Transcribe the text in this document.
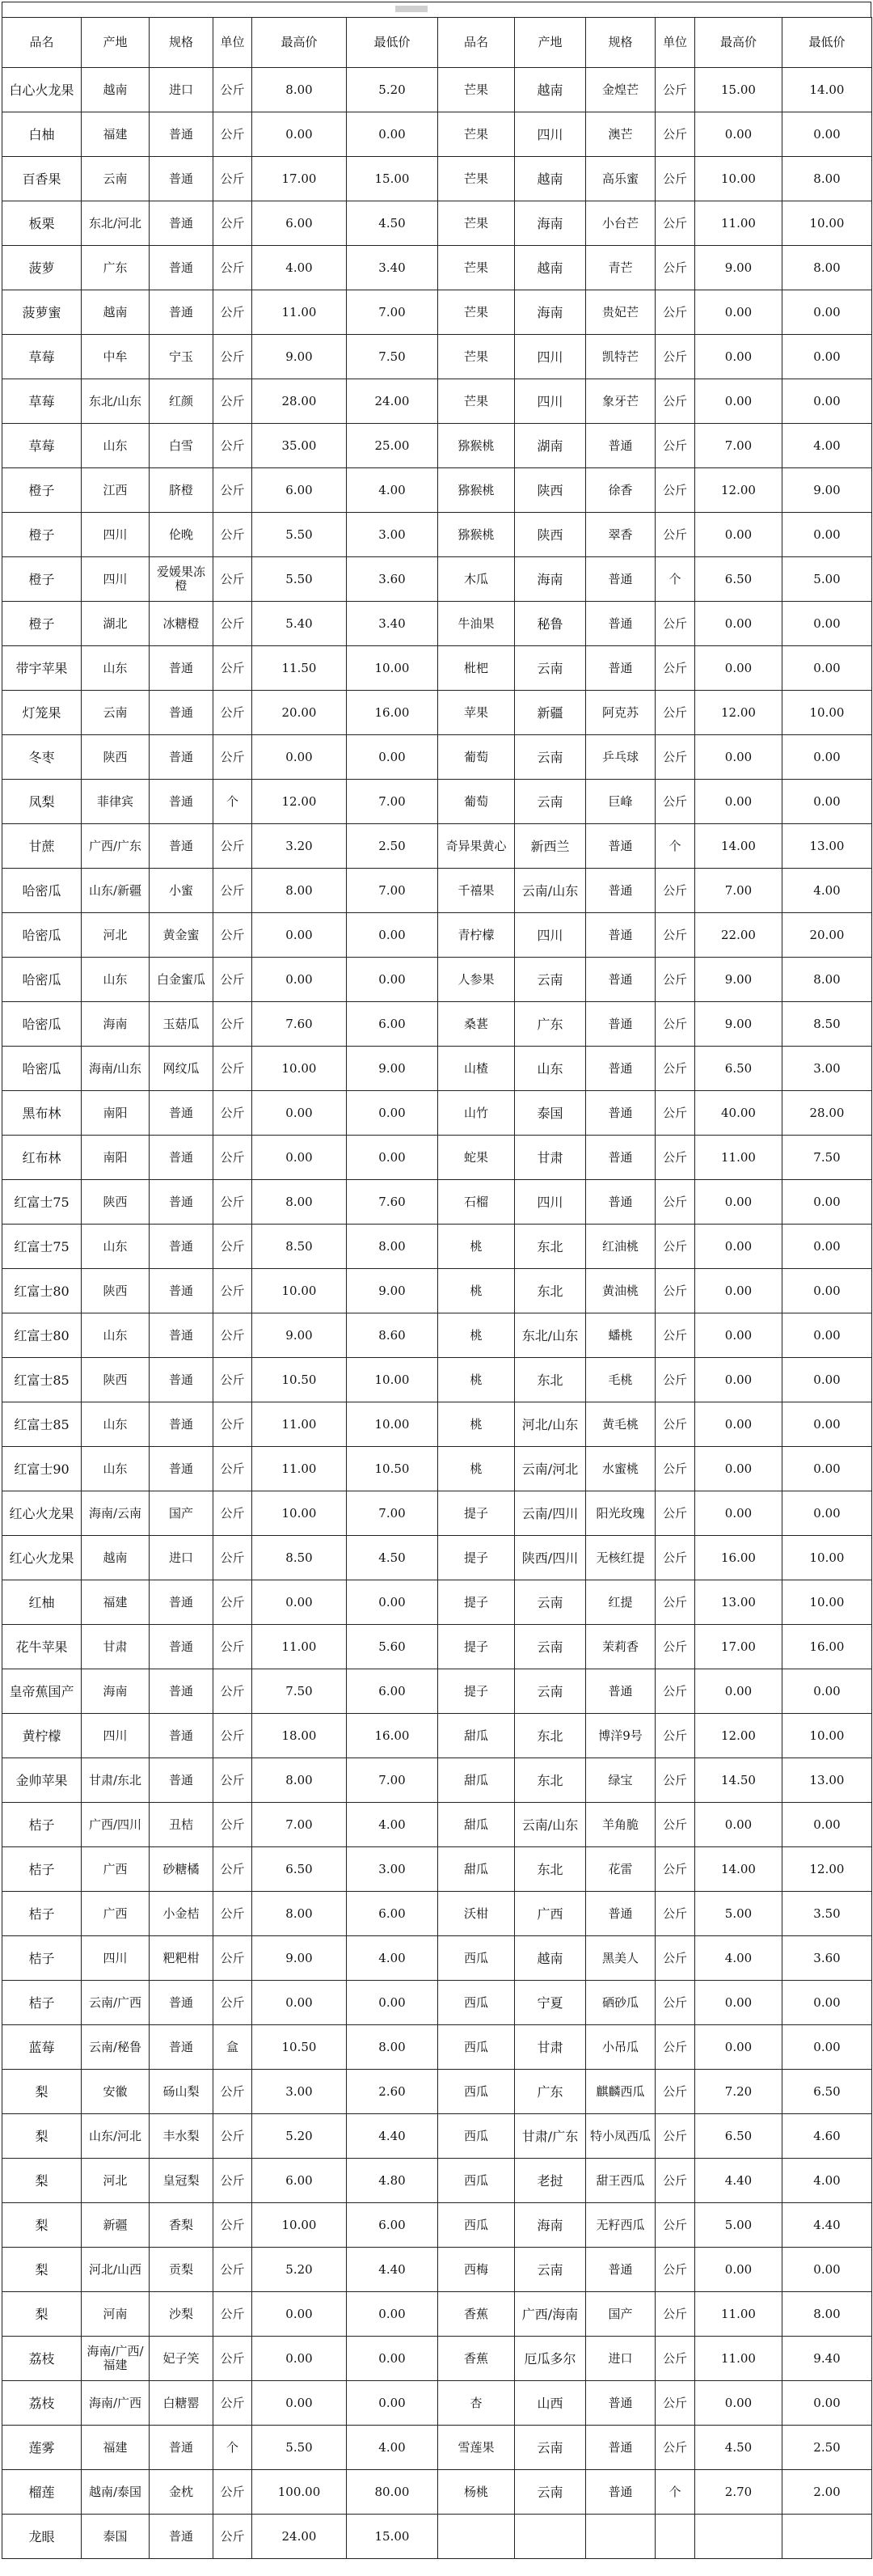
品名	产地	规格	单位	最高价	最低价	品名	产地	规格	单位	最高价	最低价
白心火龙果	越南	进口	公斤	8.00	5.20	芒果	越南	金煌芒	公斤	15.00	14.00
白柚	福建	普通	公斤	0.00	0.00	芒果	四川	澳芒	公斤	0.00	0.00
百香果	云南	普通	公斤	17.00	15.00	芒果	越南	高乐蜜	公斤	10.00	8.00
板栗	东北/河北	普通	公斤	6.00	4.50	芒果	海南	小台芒	公斤	11.00	10.00
菠萝	广东	普通	公斤	4.00	3.40	芒果	越南	青芒	公斤	9.00	8.00
菠萝蜜	越南	普通	公斤	11.00	7.00	芒果	海南	贵妃芒	公斤	0.00	0.00
草莓	中牟	宁玉	公斤	9.00	7.50	芒果	四川	凯特芒	公斤	0.00	0.00
草莓	东北/山东	红颜	公斤	28.00	24.00	芒果	四川	象牙芒	公斤	0.00	0.00
草莓	山东	白雪	公斤	35.00	25.00	猕猴桃	湖南	普通	公斤	7.00	4.00
橙子	江西	脐橙	公斤	6.00	4.00	猕猴桃	陕西	徐香	公斤	12.00	9.00
橙子	四川	伦晚	公斤	5.50	3.00	猕猴桃	陕西	翠香	公斤	0.00	0.00
橙子	四川	爱媛果冻橙	公斤	5.50	3.60	木瓜	海南	普通	个	6.50	5.00
橙子	湖北	冰糖橙	公斤	5.40	3.40	牛油果	秘鲁	普通	公斤	0.00	0.00
带宇苹果	山东	普通	公斤	11.50	10.00	枇杷	云南	普通	公斤	0.00	0.00
灯笼果	云南	普通	公斤	20.00	16.00	苹果	新疆	阿克苏	公斤	12.00	10.00
冬枣	陕西	普通	公斤	0.00	0.00	葡萄	云南	乒乓球	公斤	0.00	0.00
凤梨	菲律宾	普通	个	12.00	7.00	葡萄	云南	巨峰	公斤	0.00	0.00
甘蔗	广西/广东	普通	公斤	3.20	2.50	奇异果黄心	新西兰	普通	个	14.00	13.00
哈密瓜	山东/新疆	小蜜	公斤	8.00	7.00	千禧果	云南/山东	普通	公斤	7.00	4.00
哈密瓜	河北	黄金蜜	公斤	0.00	0.00	青柠檬	四川	普通	公斤	22.00	20.00
哈密瓜	山东	白金蜜瓜	公斤	0.00	0.00	人参果	云南	普通	公斤	9.00	8.00
哈密瓜	海南	玉菇瓜	公斤	7.60	6.00	桑葚	广东	普通	公斤	9.00	8.50
哈密瓜	海南/山东	网纹瓜	公斤	10.00	9.00	山楂	山东	普通	公斤	6.50	3.00
黑布林	南阳	普通	公斤	0.00	0.00	山竹	泰国	普通	公斤	40.00	28.00
红布林	南阳	普通	公斤	0.00	0.00	蛇果	甘肃	普通	公斤	11.00	7.50
红富士75	陕西	普通	公斤	8.00	7.60	石榴	四川	普通	公斤	0.00	0.00
红富士75	山东	普通	公斤	8.50	8.00	桃	东北	红油桃	公斤	0.00	0.00
红富士80	陕西	普通	公斤	10.00	9.00	桃	东北	黄油桃	公斤	0.00	0.00
红富士80	山东	普通	公斤	9.00	8.60	桃	东北/山东	蟠桃	公斤	0.00	0.00
红富士85	陕西	普通	公斤	10.50	10.00	桃	东北	毛桃	公斤	0.00	0.00
红富士85	山东	普通	公斤	11.00	10.00	桃	河北/山东	黄毛桃	公斤	0.00	0.00
红富士90	山东	普通	公斤	11.00	10.50	桃	云南/河北	水蜜桃	公斤	0.00	0.00
红心火龙果	海南/云南	国产	公斤	10.00	7.00	提子	云南/四川	阳光玫瑰	公斤	0.00	0.00
红心火龙果	越南	进口	公斤	8.50	4.50	提子	陕西/四川	无核红提	公斤	16.00	10.00
红柚	福建	普通	公斤	0.00	0.00	提子	云南	红提	公斤	13.00	10.00
花牛苹果	甘肃	普通	公斤	11.00	5.60	提子	云南	茉莉香	公斤	17.00	16.00
皇帝蕉国产	海南	普通	公斤	7.50	6.00	提子	云南	普通	公斤	0.00	0.00
黄柠檬	四川	普通	公斤	18.00	16.00	甜瓜	东北	博洋9号	公斤	12.00	10.00
金帅苹果	甘肃/东北	普通	公斤	8.00	7.00	甜瓜	东北	绿宝	公斤	14.50	13.00
桔子	广西/四川	丑桔	公斤	7.00	4.00	甜瓜	云南/山东	羊角脆	公斤	0.00	0.00
桔子	广西	砂糖橘	公斤	6.50	3.00	甜瓜	东北	花雷	公斤	14.00	12.00
桔子	广西	小金桔	公斤	8.00	6.00	沃柑	广西	普通	公斤	5.00	3.50
桔子	四川	粑粑柑	公斤	9.00	4.00	西瓜	越南	黑美人	公斤	4.00	3.60
桔子	云南/广西	普通	公斤	0.00	0.00	西瓜	宁夏	硒砂瓜	公斤	0.00	0.00
蓝莓	云南/秘鲁	普通	盒	10.50	8.00	西瓜	甘肃	小吊瓜	公斤	0.00	0.00
梨	安徽	砀山梨	公斤	3.00	2.60	西瓜	广东	麒麟西瓜	公斤	7.20	6.50
梨	山东/河北	丰水梨	公斤	5.20	4.40	西瓜	甘肃/广东	特小凤西瓜	公斤	6.50	4.60
梨	河北	皇冠梨	公斤	6.00	4.80	西瓜	老挝	甜王西瓜	公斤	4.40	4.00
梨	新疆	香梨	公斤	10.00	6.00	西瓜	海南	无籽西瓜	公斤	5.00	4.40
梨	河北/山西	贡梨	公斤	5.20	4.40	西梅	云南	普通	公斤	0.00	0.00
梨	河南	沙梨	公斤	0.00	0.00	香蕉	广西/海南	国产	公斤	11.00	8.00
荔枝	海南/广西/福建	妃子笑	公斤	0.00	0.00	香蕉	厄瓜多尔	进口	公斤	11.00	9.40
荔枝	海南/广西	白糖罂	公斤	0.00	0.00	杏	山西	普通	公斤	0.00	0.00
莲雾	福建	普通	个	5.50	4.00	雪莲果	云南	普通	公斤	4.50	2.50
榴莲	越南/泰国	金枕	公斤	100.00	80.00	杨桃	云南	普通	个	2.70	2.00
龙眼	泰国	普通	公斤	24.00	15.00						
